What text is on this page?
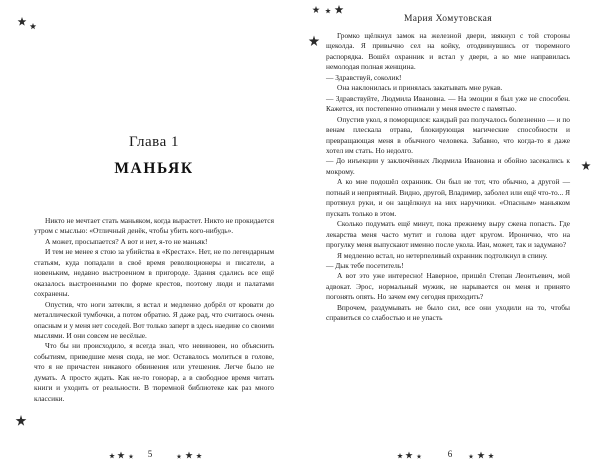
Глава 1
МАНЬЯК

Никто не мечтает стать маньяком, когда вырастет. Никто не прокидается утром с мыслью: «Отличный денёк, чтобы убить кого-нибудь».

А может, просыпается? А вот и нет, я-то не маньяк!

И тем не менее я стою за убийства в «Крестах». Нет, не по легендарным статьям, куда попадали в своё время революционеры и писатели, а новеньким, недавно выстроенном в пригороде. Здания сдались все ещё оказалось выстроенными по форме крестов, поэтому люди и палатами сохранены.

Опустив, что ноги затекли, я встал и медленно добрёл от кровати до металлической тумбочки, а потом обратно. Я даже рад, что считаюсь очень опасным и у меня нет соседей. Вот только заперт в здесь наедине со своими мыслями. И они совсем не весёлые.

Что бы ни происходило, я всегда знал, что невиновен, но объяснить событиям, приведшие меня сюда, не мог. Оставалось молиться в голове, что я не причастен никакого обвинения или утешения. Легче было не думать. А просто ждать. Как не-то гонорар, а в свободное время читать книги и уходить от реальности. В тюремной библиотеке как раз много классики.

5
Мария Хомутовская

Громко щёлкнул замок на железной двери, звякнул с той стороны щеколда. Я привычно сел на койку, отодвинувшись от тюремного распорядка. Вошёл охранник и встал у двери, а ко мне направилась немолодая полная женщина.

— Здравствуй, соколик!

Она наклонилась и принялась закатывать мне рукав.

— Здравствуйте, Людмила Ивановна. — На эмоции я был уже не способен. Кажется, их постепенно отнимали у меня вместе с памятью.

Опустив укол, я поморщился: каждый раз получалось болезненно — и по венам плескала отрава, блокирующая магические способности и превращающая меня в обычного человека. Забавно, что когда-то я даже хотел им стать. Но недолго.

— До инъекции у заключённых Людмила Ивановна и обойно засекались к мокрому.

А ко мне подошёл охранник. Он был не тот, что обычно, а другой — потный и неприятный. Видно, другой, Владимир, заболел или ещё что-то... Я протянул руки, и он защёлкнул на них наручники. «Опасным» маньяком пускать только в этом.

Сколько подумать ещё минут, пока прежнему выру сжена попасть. Где лекарства меня часто мутит и голова идет кругом. Иронично, что на прогулку меня выпускают именно после укола. Иан, может, так и задумано?

Я медленно встал, но нетерпеливый охранник подтолкнул в спину.

— Дык тебе посетитель!

А вот это уже интересно! Наверное, пришёл Степан Леонтьевич, мой адвокат. Эрос, нормальный мужик, не нарывается он меня и принято погонять опять. Но зачем ему сегодня приходить?

Впрочем, раздумывать не было сил, все они уходили на то, чтобы справиться со слабостью и не упасть

6
